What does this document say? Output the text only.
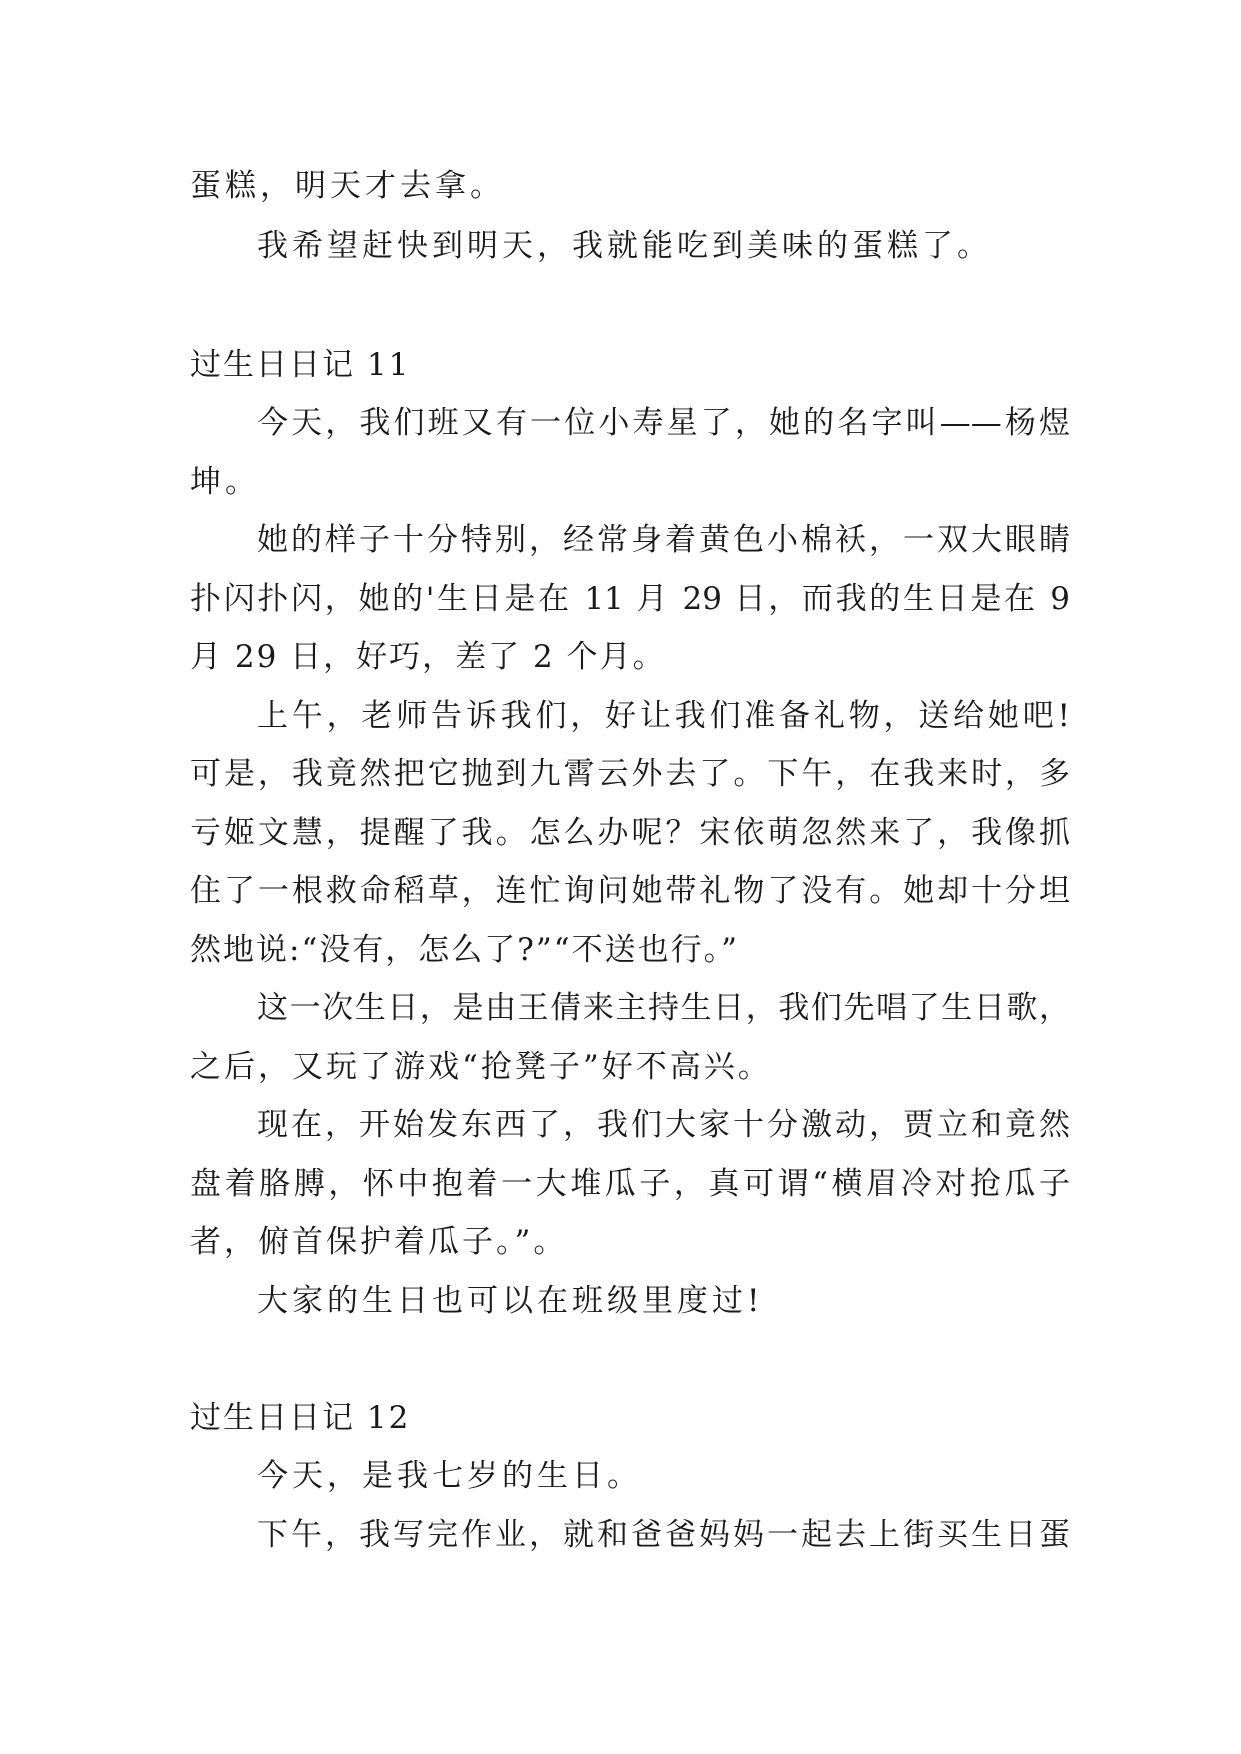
蛋糕，明天才去拿。
我希望赶快到明天，我就能吃到美味的蛋糕了。
过生日日记 11
今天，我们班又有一位小寿星了，她的名字叫——杨煜
坤。
她的样子十分特别，经常身着黄色小棉袄，一双大眼睛
扑闪扑闪，她的'生日是在 11 月 29 日，而我的生日是在 9
月 29 日，好巧，差了 2 个月。
上午，老师告诉我们，好让我们准备礼物，送给她吧!
可是，我竟然把它抛到九霄云外去了。下午，在我来时，多
亏姬文慧，提醒了我。怎么办呢？宋依萌忽然来了，我像抓
住了一根救命稻草，连忙询问她带礼物了没有。她却十分坦
然地说:“没有，怎么了?”“不送也行。”
这一次生日，是由王倩来主持生日，我们先唱了生日歌，
之后，又玩了游戏“抢凳子”好不高兴。
现在，开始发东西了，我们大家十分激动，贾立和竟然
盘着胳膊，怀中抱着一大堆瓜子，真可谓“横眉冷对抢瓜子
者，俯首保护着瓜子。”。
大家的生日也可以在班级里度过!
过生日日记 12
今天，是我七岁的生日。
下午，我写完作业，就和爸爸妈妈一起去上街买生日蛋
